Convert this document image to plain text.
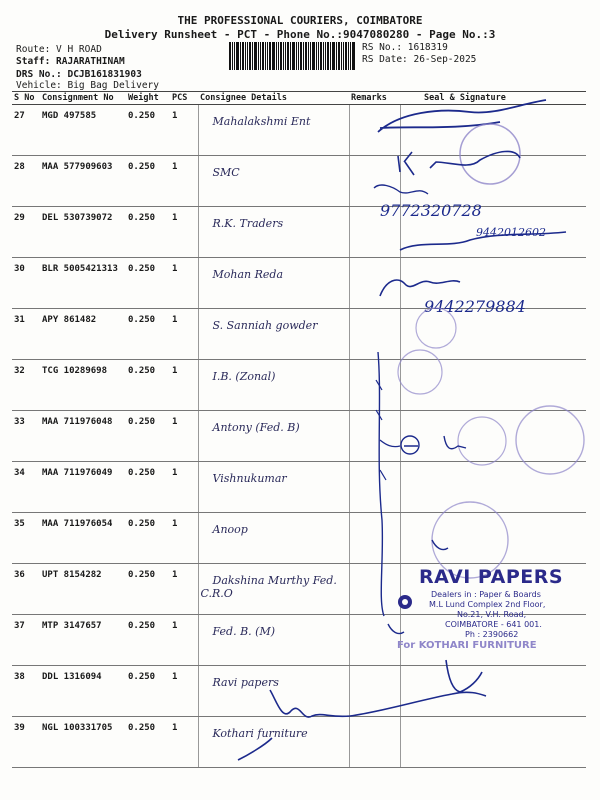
THE PROFESSIONAL COURIERS, COIMBATORE
Delivery Runsheet - PCT - Phone No.:9047080280 - Page No.:3
Route: V H ROAD
Staff: RAJARATHINAM
DRS No.: DCJB161831903
Vehicle: Big Bag Delivery
RS No.: 1618319
RS Date: 26-Sep-2025
S No	Consignment No	Weight	PCS	Consignee Details	Remarks	Seal & Signature
27	MGD 497585	0.250	1	Mahalakshmi Ent		
28	MAA 577909603	0.250	1	SMC		
29	DEL 530739072	0.250	1	R.K. Traders		
30	BLR 5005421313	0.250	1	Mohan Reda		
31	APY 861482	0.250	1	S. Sanniah gowder		
32	TCG 10289698	0.250	1	I.B. (Zonal)		
33	MAA 711976048	0.250	1	Antony (Fed. B)		
34	MAA 711976049	0.250	1	Vishnukumar		
35	MAA 711976054	0.250	1	Anoop		
36	UPT 8154282	0.250	1	Dakshina Murthy Fed. C.R.O		
37	MTP 3147657	0.250	1	Fed. B. (M)		
38	DDL 1316094	0.250	1	Ravi papers		
39	NGL 100331705	0.250	1	Kothari furniture		
9772320728
9442012602
9442279884
RAVI PAPERS
Dealers in : Paper & Boards
M.L Lund Complex 2nd Floor,
No.21, V.H. Road,
COIMBATORE - 641 001.
Ph : 2390662
For KOTHARI FURNITURE
